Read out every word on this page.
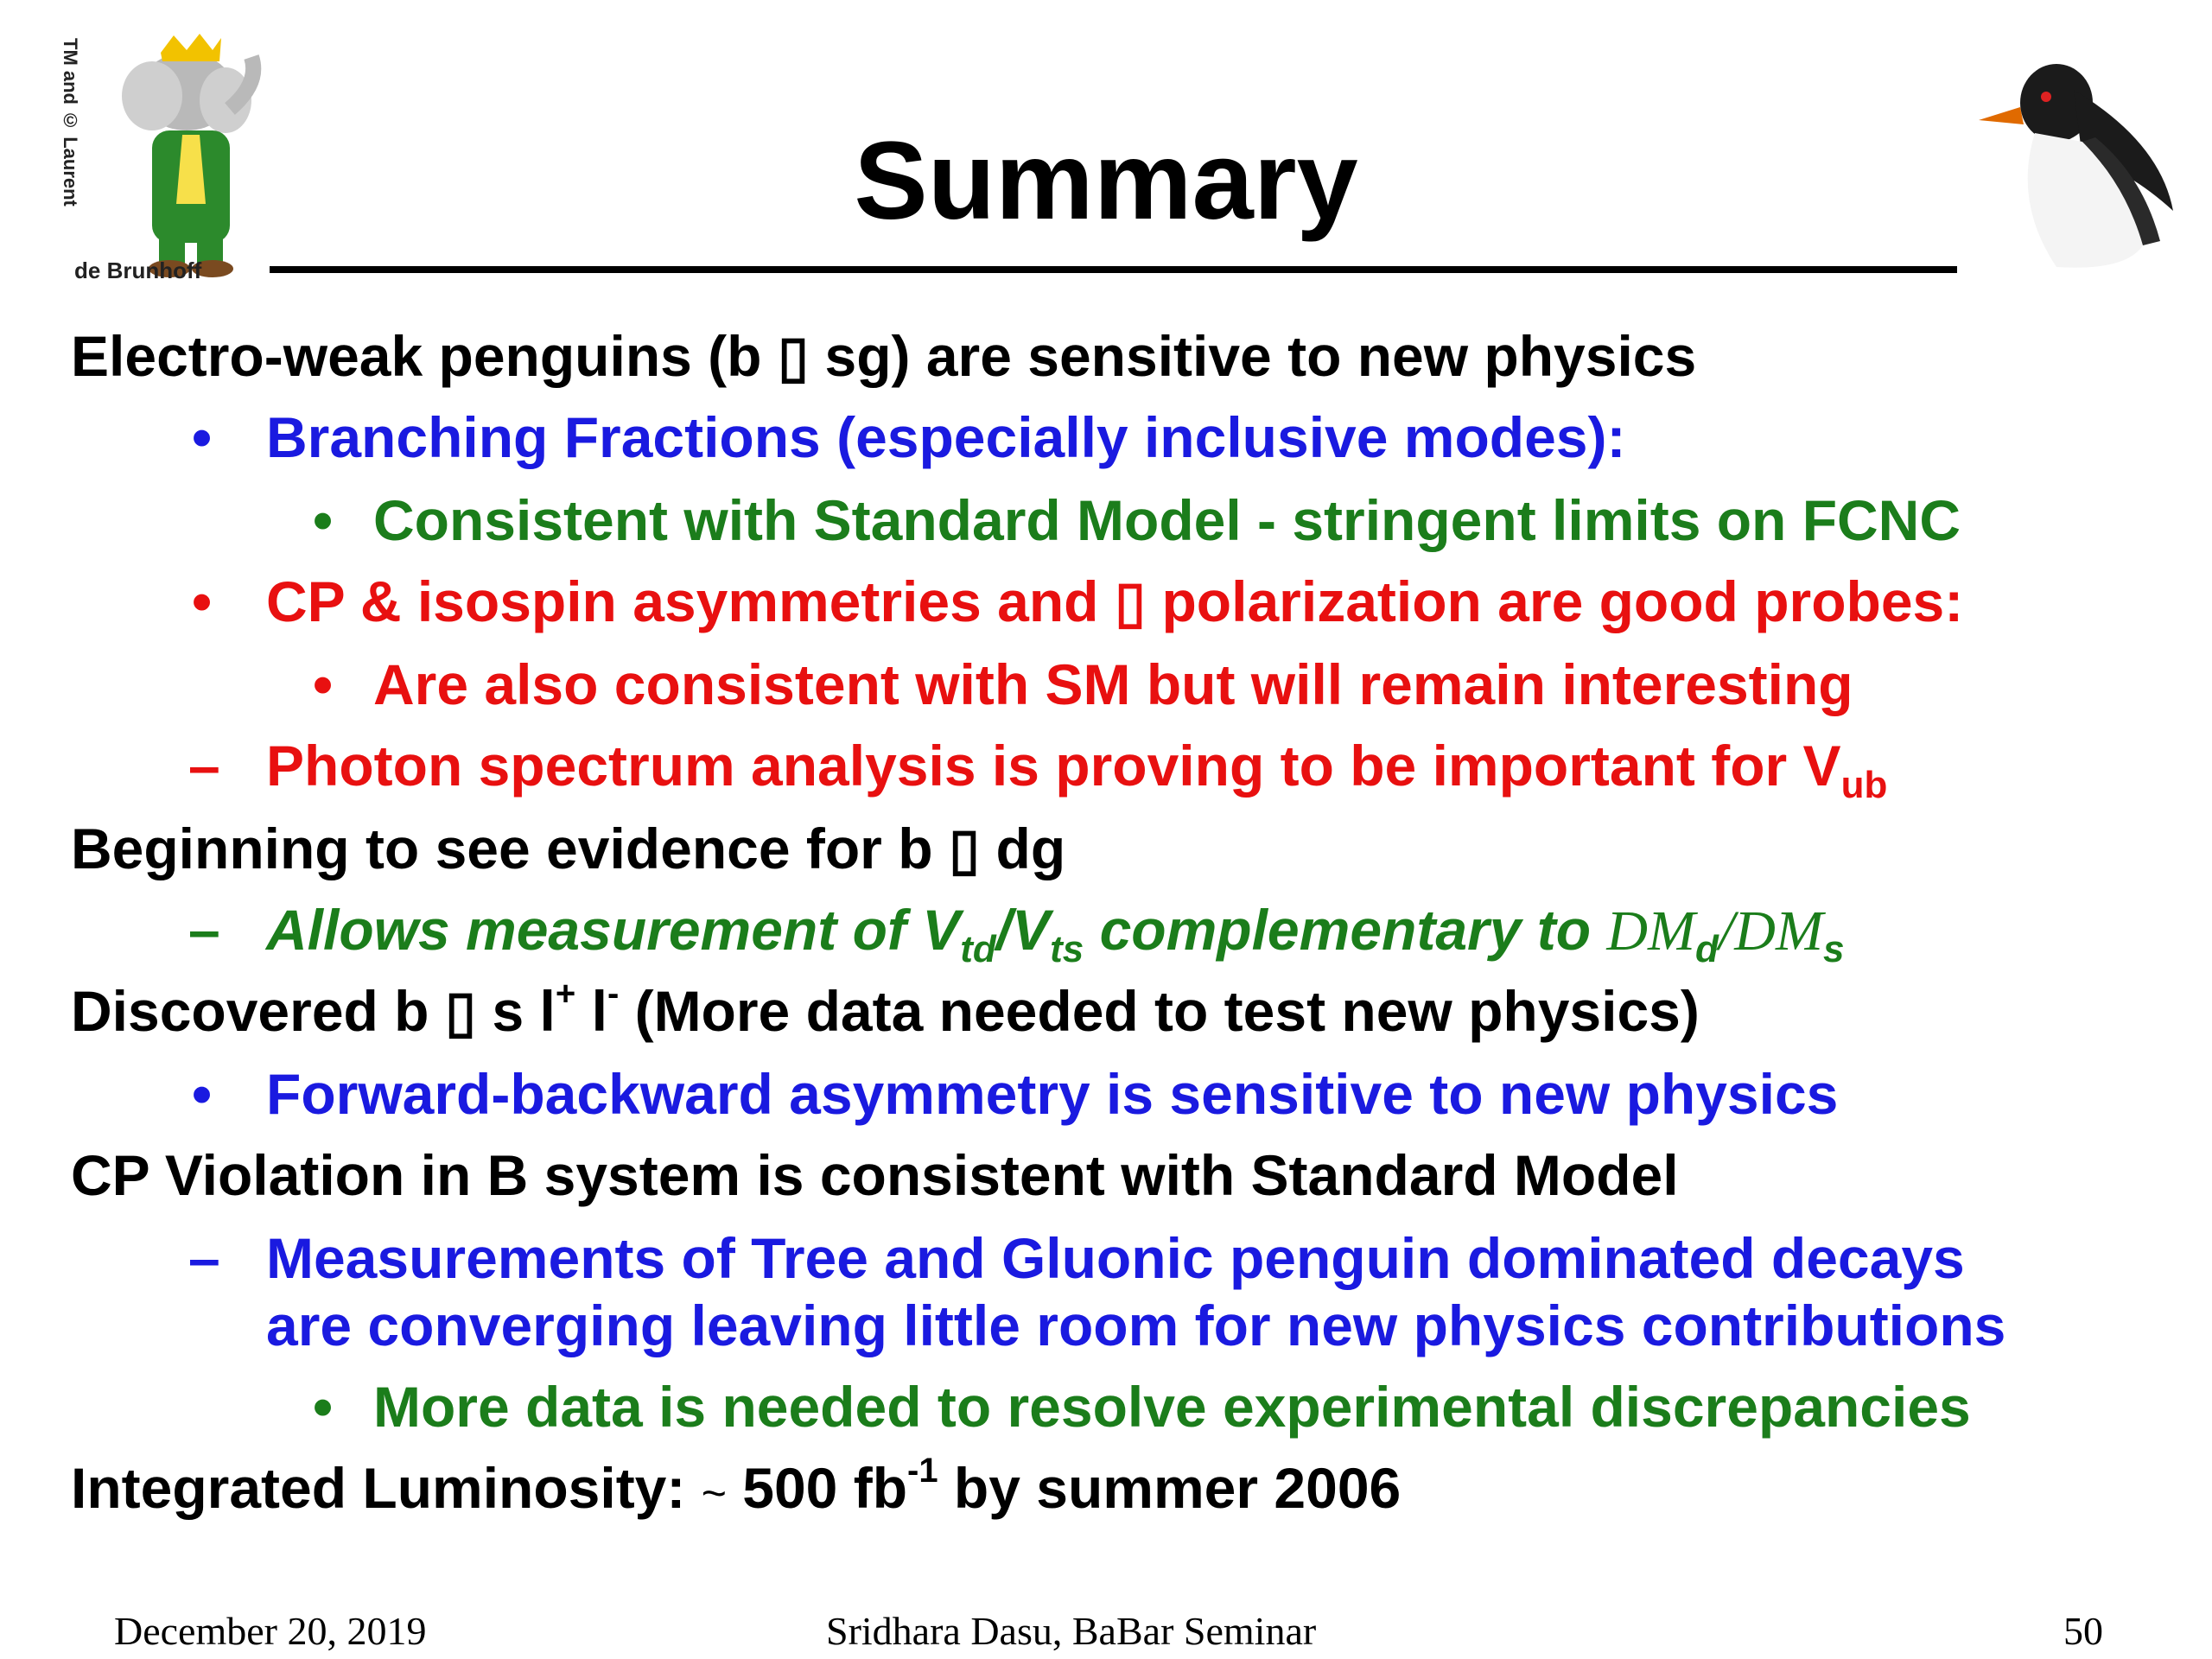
TM and © Laurent
de Brunhoff
Summary
Electro-weak penguins (b ▯ sg) are sensitive to new physics
• Branching Fractions (especially inclusive modes):
• Consistent with Standard Model - stringent limits on FCNC
• CP & isospin asymmetries and ▯ polarization are good probes:
• Are also consistent with SM but will remain interesting
– Photon spectrum analysis is proving to be important for $V_{ub}$
Beginning to see evidence for b ▯ dg
– Allows measurement of $V_{td}/V_{ts}$ complementary to $DM_d/DM_s$
Discovered b ▯ s l+ l- (More data needed to test new physics)
• Forward-backward asymmetry is sensitive to new physics
CP Violation in B system is consistent with Standard Model
– Measurements of Tree and Gluonic penguin dominated decays
are converging leaving little room for new physics contributions
• More data is needed to resolve experimental discrepancies
Integrated Luminosity: ~ 500 $fb^{-1}$ by summer 2006
December 20, 2019	Sridhara Dasu, BaBar Seminar	50
